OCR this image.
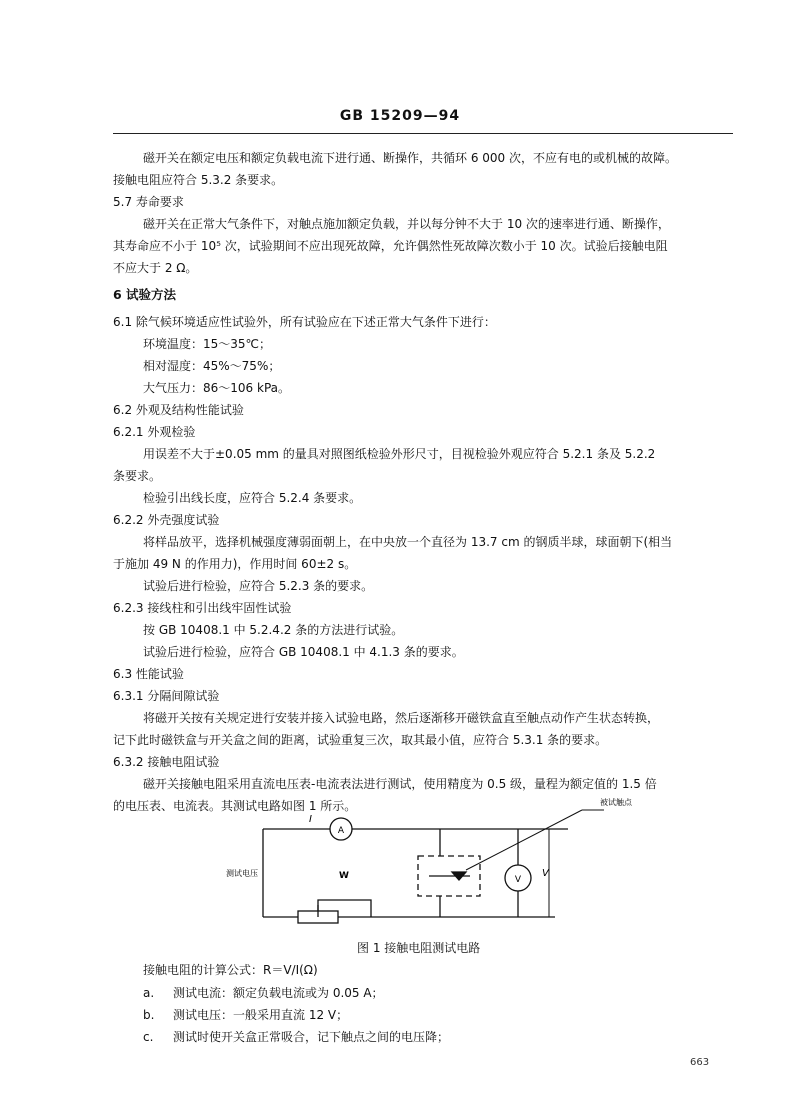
GB 15209—94
磁开关在额定电压和额定负载电流下进行通、断操作，共循环 6 000 次，不应有电的或机械的故障。
接触电阻应符合 5.3.2 条要求。
5.7 寿命要求
磁开关在正常大气条件下，对触点施加额定负载，并以每分钟不大于 10 次的速率进行通、断操作，
其寿命应不小于 10⁵ 次，试验期间不应出现死故障，允许偶然性死故障次数小于 10 次。试验后接触电阻
不应大于 2 Ω。
6 试验方法
6.1 除气候环境适应性试验外，所有试验应在下述正常大气条件下进行：
环境温度：15～35℃；
相对湿度：45%～75%；
大气压力：86～106 kPa。
6.2 外观及结构性能试验
6.2.1 外观检验
用误差不大于±0.05 mm 的量具对照图纸检验外形尺寸，目视检验外观应符合 5.2.1 条及 5.2.2
条要求。
检验引出线长度，应符合 5.2.4 条要求。
6.2.2 外壳强度试验
将样品放平，选择机械强度薄弱面朝上，在中央放一个直径为 13.7 cm 的钢质半球，球面朝下(相当
于施加 49 N 的作用力)，作用时间 60±2 s。
试验后进行检验，应符合 5.2.3 条的要求。
6.2.3 接线柱和引出线牢固性试验
按 GB 10408.1 中 5.2.4.2 条的方法进行试验。
试验后进行检验，应符合 GB 10408.1 中 4.1.3 条的要求。
6.3 性能试验
6.3.1 分隔间隙试验
将磁开关按有关规定进行安装并接入试验电路，然后逐渐移开磁铁盒直至触点动作产生状态转换，
记下此时磁铁盒与开关盒之间的距离，试验重复三次，取其最小值，应符合 5.3.1 条的要求。
6.3.2 接触电阻试验
磁开关接触电阻采用直流电压表-电流表法进行测试，使用精度为 0.5 级，量程为额定值的 1.5 倍
的电压表、电流表。其测试电路如图 1 所示。
I
A
V
V
W
测试电压
被试触点
图 1 接触电阻测试电路
接触电阻的计算公式：R＝V/I(Ω)
a. 测试电流：额定负载电流或为 0.05 A；
b. 测试电压：一般采用直流 12 V；
c. 测试时使开关盒正常吸合，记下触点之间的电压降；
663
